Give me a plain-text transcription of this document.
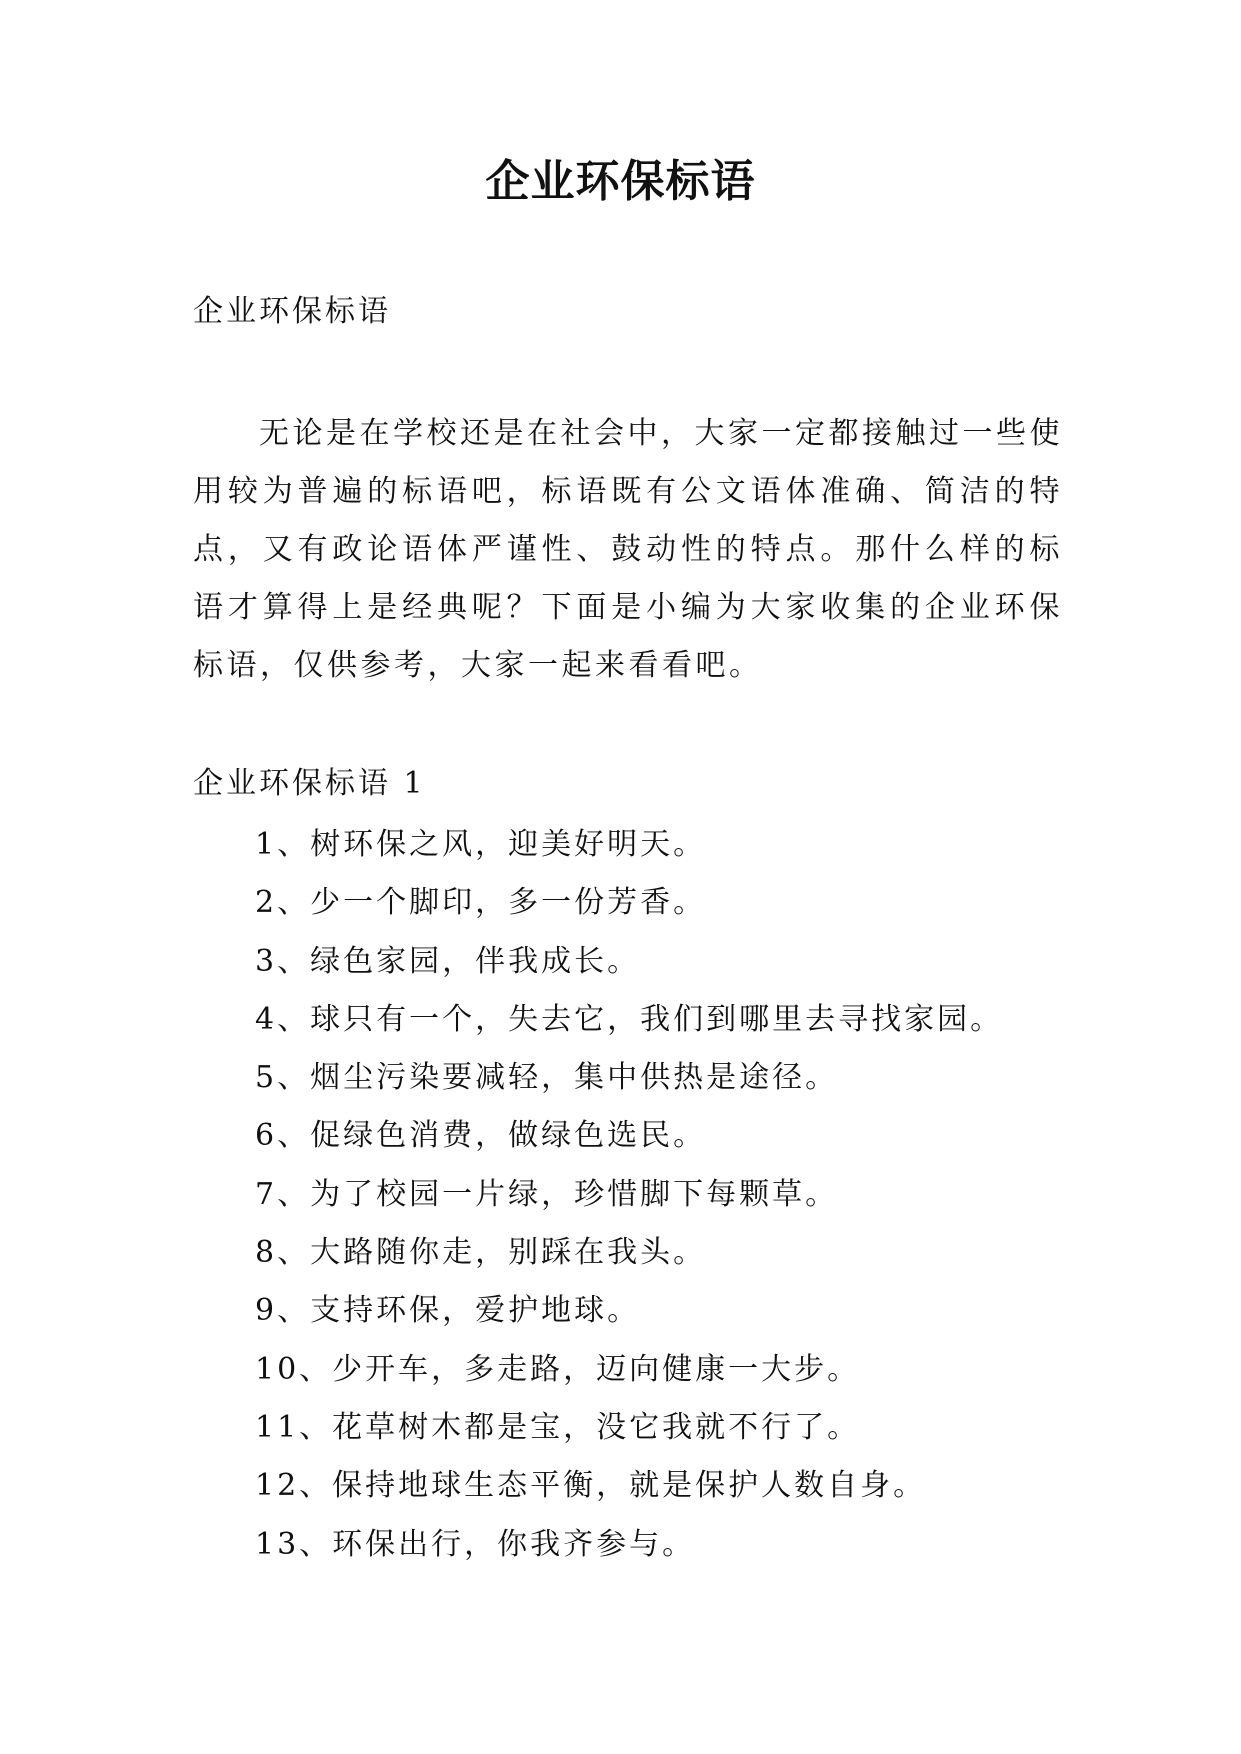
企业环保标语
企业环保标语

无论是在学校还是在社会中，大家一定都接触过一些使用较为普遍的标语吧，标语既有公文语体准确、简洁的特点，又有政论语体严谨性、鼓动性的特点。那什么样的标语才算得上是经典呢？下面是小编为大家收集的企业环保标语，仅供参考，大家一起来看看吧。

企业环保标语 1
1、树环保之风，迎美好明天。
2、少一个脚印，多一份芳香。
3、绿色家园，伴我成长。
4、球只有一个，失去它，我们到哪里去寻找家园。
5、烟尘污染要减轻，集中供热是途径。
6、促绿色消费，做绿色选民。
7、为了校园一片绿，珍惜脚下每颗草。
8、大路随你走，别踩在我头。
9、支持环保，爱护地球。
10、少开车，多走路，迈向健康一大步。
11、花草树木都是宝，没它我就不行了。
12、保持地球生态平衡，就是保护人数自身。
13、环保出行，你我齐参与。
